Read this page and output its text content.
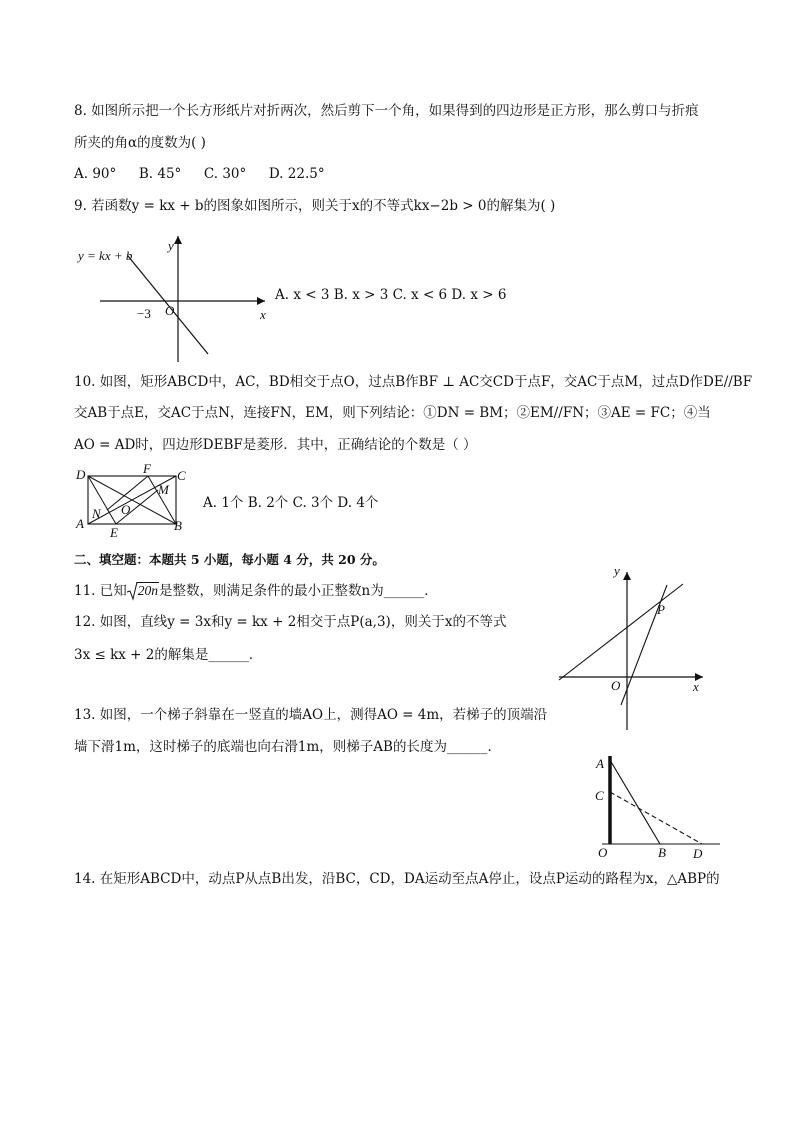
8. 如图所示把一个长方形纸片对折两次，然后剪下一个角，如果得到的四边形是正方形，那么剪口与折痕
所夹的角α的度数为( )
A. 90° B. 45° C. 30° D. 22.5°
9. 若函数y = kx + b的图象如图所示，则关于x的不等式kx−2b > 0的解集为( )
y
x
O
−3
y = kx + b
A. x < 3 B. x > 3 C. x < 6 D. x > 6
10. 如图，矩形ABCD中，AC，BD相交于点O，过点B作BF ⊥ AC交CD于点F，交AC于点M，过点D作DE//BF
交AB于点E，交AC于点N，连接FN，EM，则下列结论：①DN = BM；②EM//FN；③AE = FC；④当
AO = AD时，四边形DEBF是菱形．其中，正确结论的个数是（ ）
D	F C
M
N O
A
E	B
A. 1个 B. 2个 C. 3个 D. 4个
二、填空题：本题共 5 小题，每小题 4 分，共 20 分。
11. 已知 20n是整数，则满足条件的最小正整数n为______．
12. 如图，直线y = 3x和y = kx + 2相交于点P(a,3)，则关于x的不等式
3x ≤ kx + 2的解集是______．
y
x
O
P
13. 如图，一个梯子斜靠在一竖直的墙AO上，测得AO = 4m，若梯子的顶端沿
墙下滑1m，这时梯子的底端也向右滑1m，则梯子AB的长度为______．
A
C
O	B D
14. 在矩形ABCD中，动点P从点B出发，沿BC，CD，DA运动至点A停止，设点P运动的路程为x，△ABP的
